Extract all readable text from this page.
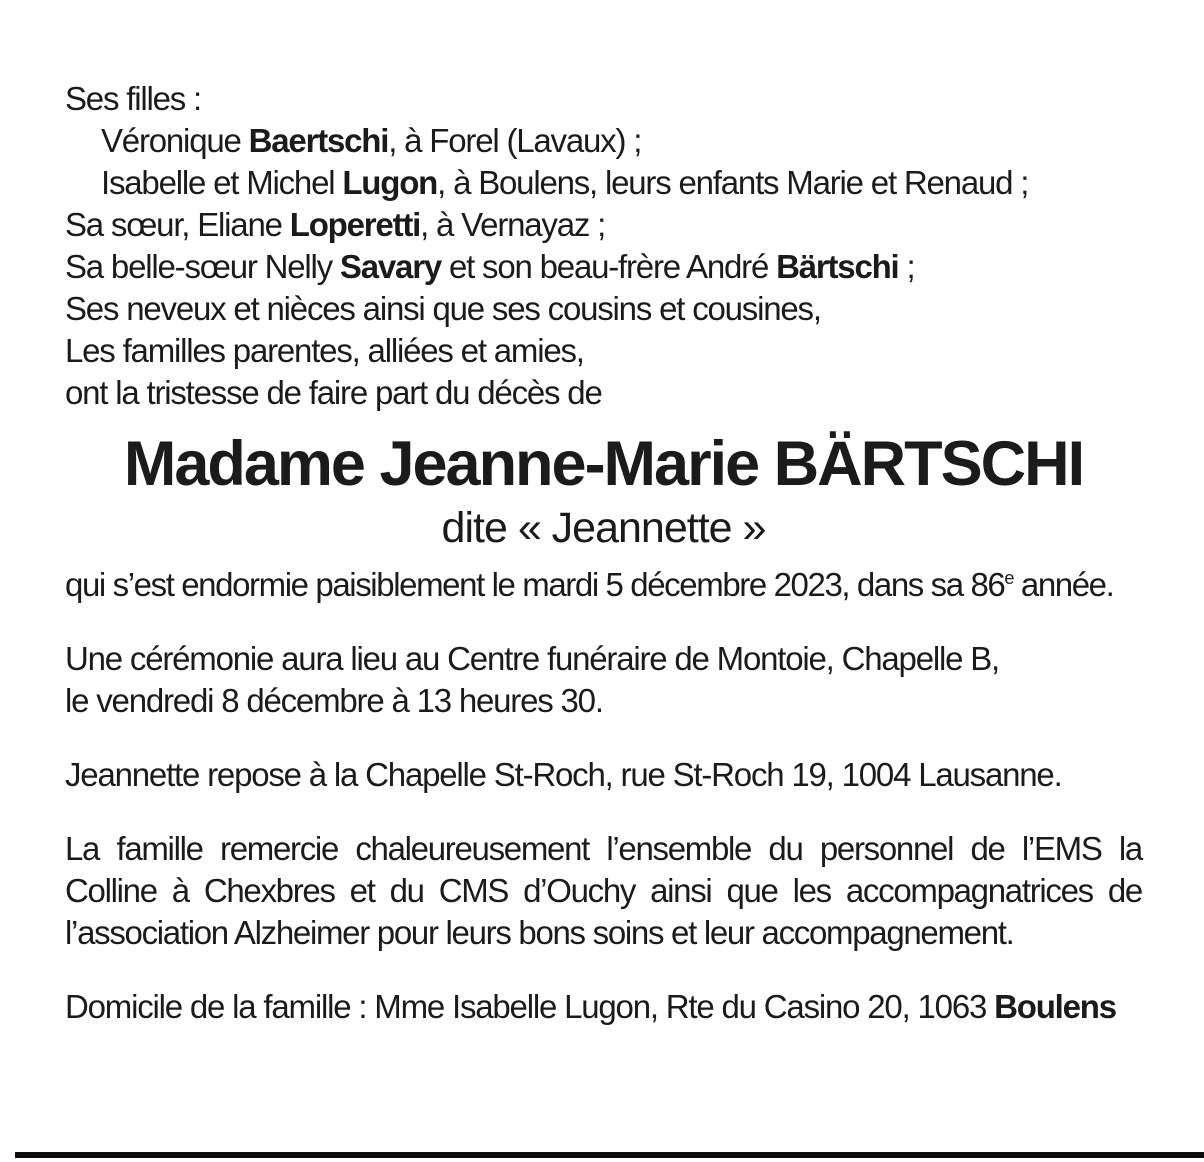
Ses filles :
Véronique Baertschi, à Forel (Lavaux) ;
Isabelle et Michel Lugon, à Boulens, leurs enfants Marie et Renaud ;
Sa sœur, Eliane Loperetti, à Vernayaz ;
Sa belle-sœur Nelly Savary et son beau-frère André Bärtschi ;
Ses neveux et nièces ainsi que ses cousins et cousines,
Les familles parentes, alliées et amies,
ont la tristesse de faire part du décès de
Madame Jeanne-Marie BÄRTSCHI
dite « Jeannette »
qui s’est endormie paisiblement le mardi 5 décembre 2023, dans sa 86e année.
Une cérémonie aura lieu au Centre funéraire de Montoie, Chapelle B,
le vendredi 8 décembre à 13 heures 30.
Jeannette repose à la Chapelle St-Roch, rue St-Roch 19, 1004 Lausanne.
La famille remercie chaleureusement l’ensemble du personnel de l’EMS la Colline à Chexbres et du CMS d’Ouchy ainsi que les accompagnatrices de l’association Alzheimer pour leurs bons soins et leur accompagnement.
Domicile de la famille : Mme Isabelle Lugon, Rte du Casino 20, 1063 Boulens
